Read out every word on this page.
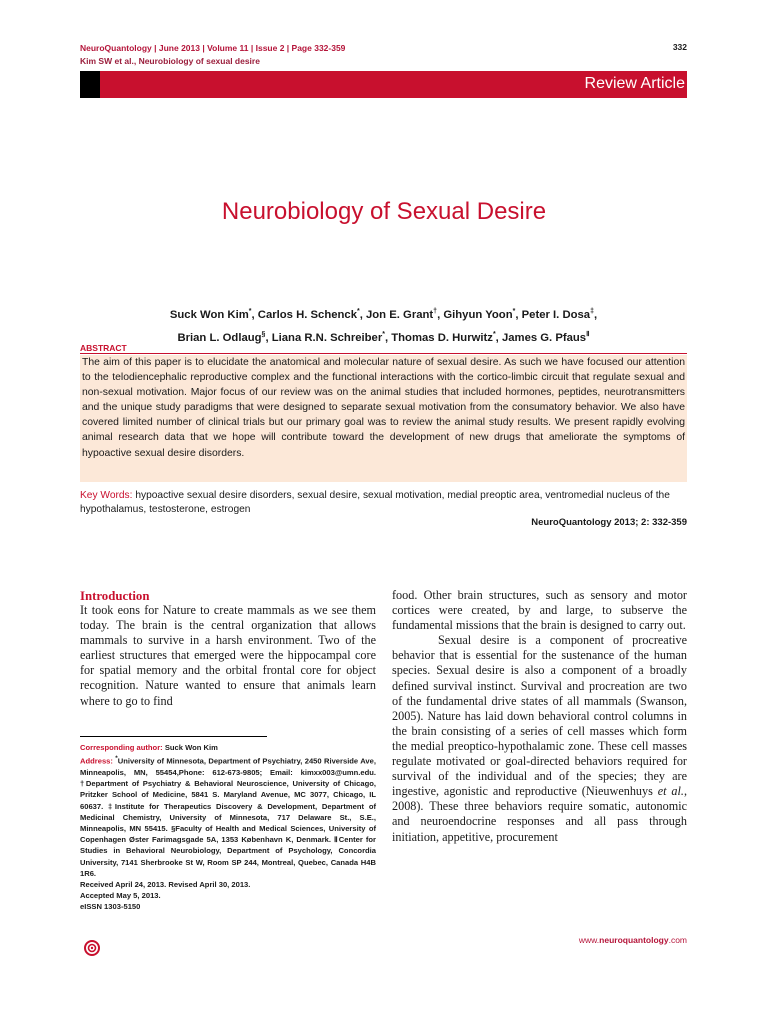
NeuroQuantology | June 2013 | Volume 11 | Issue 2 | Page 332-359
Kim SW et al., Neurobiology of sexual desire
332
Review Article
Neurobiology of Sexual Desire
Suck Won Kim*, Carlos H. Schenck*, Jon E. Grant†, Gihyun Yoon*, Peter I. Dosa‡,
Brian L. Odlaug§, Liana R.N. Schreiber*, Thomas D. Hurwitz*, James G. Pfaus$^Ⅱ$
ABSTRACT

The aim of this paper is to elucidate the anatomical and molecular nature of sexual desire. As such we have focused our attention to the telodiencephalic reproductive complex and the functional interactions with the cortico-limbic circuit that regulate sexual and non-sexual motivation. Major focus of our review was on the animal studies that included hormones, peptides, neurotransmitters and the unique study paradigms that were designed to separate sexual motivation from the consumatory behavior. We also have covered limited number of clinical trials but our primary goal was to review the animal study results. We present rapidly evolving animal research data that we hope will contribute toward the development of new drugs that ameliorate the symptoms of hypoactive sexual desire disorders.

Key Words: hypoactive sexual desire disorders, sexual desire, sexual motivation, medial preoptic area, ventromedial nucleus of the hypothalamus, testosterone, estrogen
NeuroQuantology 2013; 2: 332-359
Introduction

It took eons for Nature to create mammals as we see them today. The brain is the central organization that allows mammals to survive in a harsh environment. Two of the earliest structures that emerged were the hippocampal core for spatial memory and the orbital frontal core for object recognition. Nature wanted to ensure that animals learn where to go to find

food. Other brain structures, such as sensory and motor cortices were created, by and large, to subserve the fundamental missions that the brain is designed to carry out.

Sexual desire is a component of procreative behavior that is essential for the sustenance of the human species. Sexual desire is also a component of a broadly defined survival instinct. Survival and procreation are two of the fundamental drive states of all mammals (Swanson, 2005). Nature has laid down behavioral control columns in the brain consisting of a series of cell masses which form the medial preoptico-hypothalamic zone. These cell masses regulate motivated or goal-directed behaviors required for survival of the individual and of the species; they are ingestive, agonistic and reproductive (Nieuwenhuys et al., 2008). These three behaviors require somatic, autonomic and neuroendocrine responses and all pass through initiation, appetitive, procurement

Corresponding author: Suck Won Kim

Address: *University of Minnesota, Department of Psychiatry, 2450 Riverside Ave, Minneapolis, MN, 55454,Phone: 612-673-9805; Email: kimxx003@umn.edu. †Department of Psychiatry & Behavioral Neuroscience, University of Chicago, Pritzker School of Medicine, 5841 S. Maryland Avenue, MC 3077, Chicago, IL 60637. ‡Institute for Therapeutics Discovery & Development, Department of Medicinal Chemistry, University of Minnesota, 717 Delaware St., S.E., Minneapolis, MN 55415. §Faculty of Health and Medical Sciences, University of Copenhagen Øster Farimagsgade 5A, 1353 København K, Denmark. ⅡCenter for Studies in Behavioral Neurobiology, Department of Psychology, Concordia University, 7141 Sherbrooke St W, Room SP 244, Montreal, Quebec, Canada H4B 1R6.

Received April 24, 2013. Revised April 30, 2013.

Accepted May 5, 2013.

eISSN 1303-5150

www.neuroquantology.com
